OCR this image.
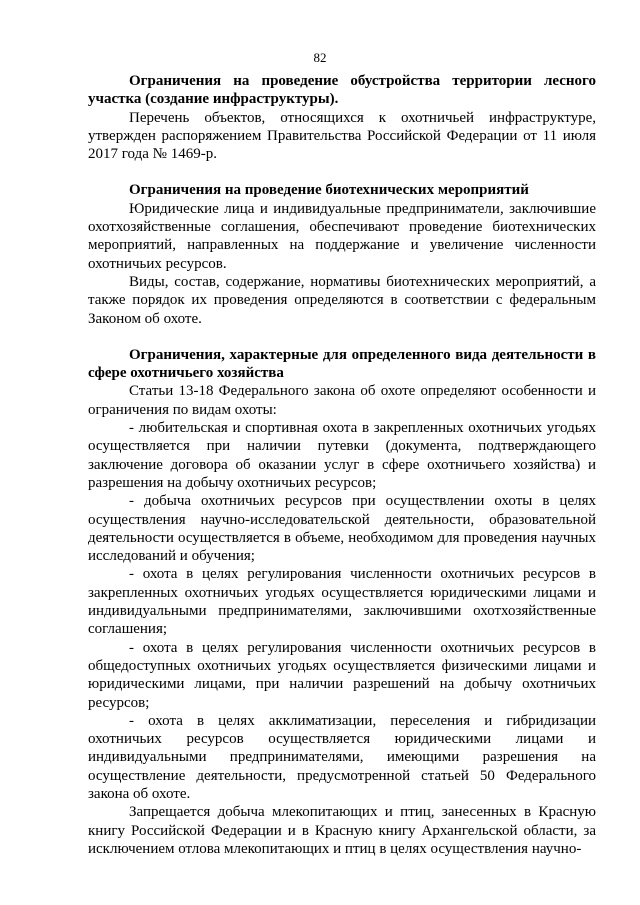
82

Ограничения на проведение обустройства территории лесного участка (создание инфраструктуры).

Перечень объектов, относящихся к охотничьей инфраструктуре, утвержден распоряжением Правительства Российской Федерации от 11 июля 2017 года № 1469-р.

Ограничения на проведение биотехнических мероприятий

Юридические лица и индивидуальные предприниматели, заключившие охотхозяйственные соглашения, обеспечивают проведение биотехнических мероприятий, направленных на поддержание и увеличение численности охотничьих ресурсов.

Виды, состав, содержание, нормативы биотехнических мероприятий, а также порядок их проведения определяются в соответствии с федеральным Законом об охоте.

Ограничения, характерные для определенного вида деятельности в сфере охотничьего хозяйства

Статьи 13-18 Федерального закона об охоте определяют особенности и ограничения по видам охоты:

- любительская и спортивная охота в закрепленных охотничьих угодьях осуществляется при наличии путевки (документа, подтверждающего заключение договора об оказании услуг в сфере охотничьего хозяйства) и разрешения на добычу охотничьих ресурсов;

- добыча охотничьих ресурсов при осуществлении охоты в целях осуществления научно-исследовательской деятельности, образовательной деятельности осуществляется в объеме, необходимом для проведения научных исследований и обучения;

- охота в целях регулирования численности охотничьих ресурсов в закрепленных охотничьих угодьях осуществляется юридическими лицами и индивидуальными предпринимателями, заключившими охотхозяйственные соглашения;

- охота в целях регулирования численности охотничьих ресурсов в общедоступных охотничьих угодьях осуществляется физическими лицами и юридическими лицами, при наличии разрешений на добычу охотничьих ресурсов;

- охота в целях акклиматизации, переселения и гибридизации охотничьих ресурсов осуществляется юридическими лицами и индивидуальными предпринимателями, имеющими разрешения на осуществление деятельности, предусмотренной статьей 50 Федерального закона об охоте.

Запрещается добыча млекопитающих и птиц, занесенных в Красную книгу Российской Федерации и в Красную книгу Архангельской области, за исключением отлова млекопитающих и птиц в целях осуществления научно-
